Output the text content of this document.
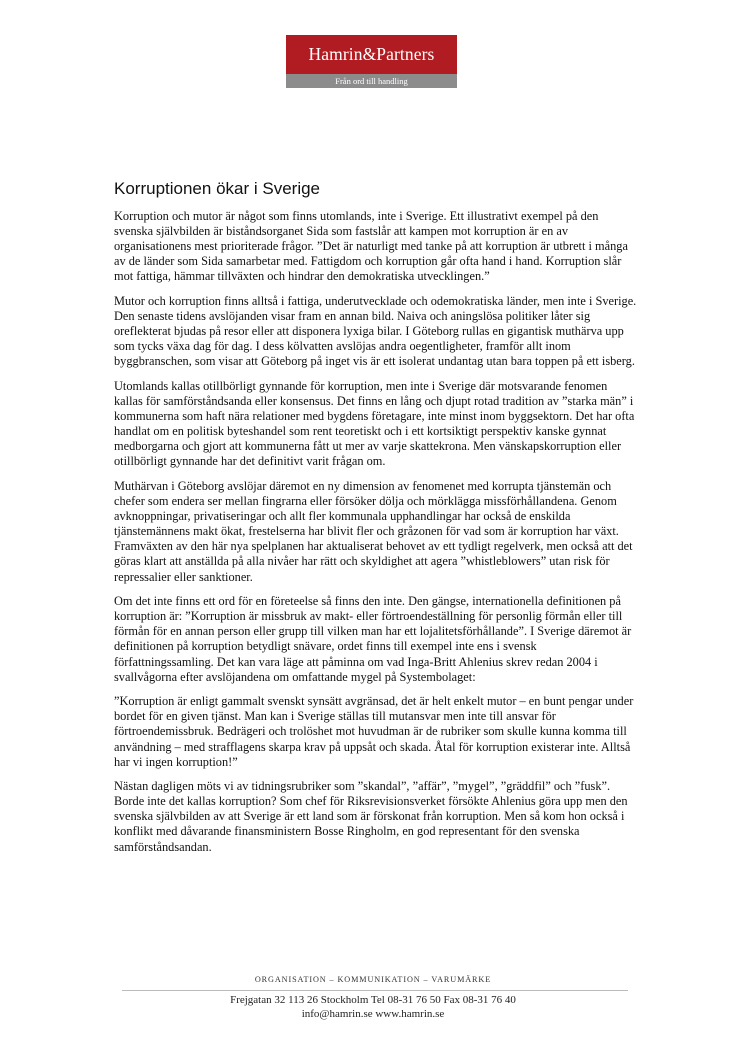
Hamrin&Partners
Från ord till handling
Korruptionen ökar i Sverige

Korruption och mutor är något som finns utomlands, inte i Sverige. Ett illustrativt exempel på den svenska självbilden är biståndsorganet Sida som fastslår att kampen mot korruption är en av organisationens mest prioriterade frågor. ”Det är naturligt med tanke på att korruption är utbrett i många av de länder som Sida samarbetar med. Fattigdom och korruption går ofta hand i hand. Korruption slår mot fattiga, hämmar tillväxten och hindrar den demokratiska utvecklingen.”

Mutor och korruption finns alltså i fattiga, underutvecklade och odemokratiska länder, men inte i Sverige. Den senaste tidens avslöjanden visar fram en annan bild. Naiva och aningslösa politiker låter sig oreflekterat bjudas på resor eller att disponera lyxiga bilar. I Göteborg rullas en gigantisk muthärva upp som tycks växa dag för dag. I dess kölvatten avslöjas andra oegentligheter, framför allt inom byggbranschen, som visar att Göteborg på inget vis är ett isolerat undantag utan bara toppen på ett isberg.

Utomlands kallas otillbörligt gynnande för korruption, men inte i Sverige där motsvarande fenomen kallas för samförståndsanda eller konsensus. Det finns en lång och djupt rotad tradition av ”starka män” i kommunerna som haft nära relationer med bygdens företagare, inte minst inom byggsektorn. Det har ofta handlat om en politisk byteshandel som rent teoretiskt och i ett kortsiktigt perspektiv kanske gynnat medborgarna och gjort att kommunerna fått ut mer av varje skattekrona. Men vänskapskorruption eller otillbörligt gynnande har det definitivt varit frågan om.

Muthärvan i Göteborg avslöjar däremot en ny dimension av fenomenet med korrupta tjänstemän och chefer som endera ser mellan fingrarna eller försöker dölja och mörklägga missförhållandena. Genom avknoppningar, privatiseringar och allt fler kommunala upphandlingar har också de enskilda tjänstemännens makt ökat, frestelserna har blivit fler och gråzonen för vad som är korruption har växt. Framväxten av den här nya spelplanen har aktualiserat behovet av ett tydligt regelverk, men också att det göras klart att anställda på alla nivåer har rätt och skyldighet att agera ”whistleblowers” utan risk för repressalier eller sanktioner.

Om det inte finns ett ord för en företeelse så finns den inte. Den gängse, internationella definitionen på korruption är: ”Korruption är missbruk av makt- eller förtroendeställning för personlig förmån eller till förmån för en annan person eller grupp till vilken man har ett lojalitetsförhållande”. I Sverige däremot är definitionen på korruption betydligt snävare, ordet finns till exempel inte ens i svensk författningssamling. Det kan vara läge att påminna om vad Inga-Britt Ahlenius skrev redan 2004 i svallvågorna efter avslöjandena om omfattande mygel på Systembolaget:

”Korruption är enligt gammalt svenskt synsätt avgränsad, det är helt enkelt mutor – en bunt pengar under bordet för en given tjänst. Man kan i Sverige ställas till mutansvar men inte till ansvar för förtroendemissbruk. Bedrägeri och trolöshet mot huvudman är de rubriker som skulle kunna komma till användning – med strafflagens skarpa krav på uppsåt och skada. Åtal för korruption existerar inte. Alltså har vi ingen korruption!”

Nästan dagligen möts vi av tidningsrubriker som ”skandal”, ”affär”, ”mygel”, ”gräddfil” och ”fusk”. Borde inte det kallas korruption? Som chef för Riksrevisionsverket försökte Ahlenius göra upp men den svenska självbilden av att Sverige är ett land som är förskonat från korruption. Men så kom hon också i konflikt med dåvarande finansministern Bosse Ringholm, en god representant för den svenska samförståndsandan.

ORGANISATION – KOMMUNIKATION – VARUMÄRKE
Frejgatan 32 113 26 Stockholm Tel 08-31 76 50 Fax 08-31 76 40
info@hamrin.se www.hamrin.se
